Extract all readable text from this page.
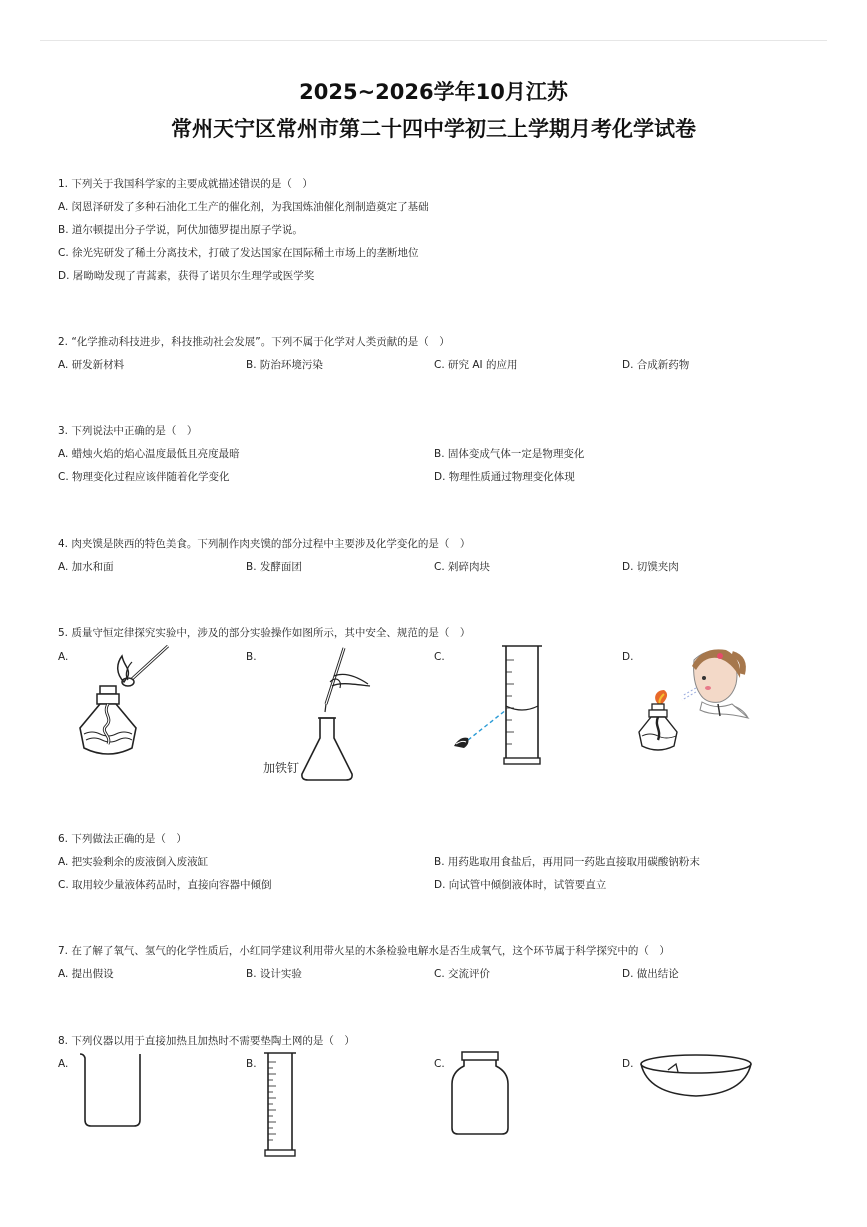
2025~2026学年10月江苏
常州天宁区常州市第二十四中学初三上学期月考化学试卷
1. 下列关于我国科学家的主要成就描述错误的是（　）
A. 闵恩泽研发了多种石油化工生产的催化剂，为我国炼油催化剂制造奠定了基础
B. 道尔顿提出分子学说，阿伏加德罗提出原子学说。
C. 徐光宪研发了稀土分离技术，打破了发达国家在国际稀土市场上的垄断地位
D. 屠呦呦发现了青蒿素，获得了诺贝尔生理学或医学奖
2. “化学推动科技进步，科技推动社会发展”。下列不属于化学对人类贡献的是（　）
A. 研发新材料	B. 防治环境污染	C. 研究 AI 的应用	D. 合成新药物
3. 下列说法中正确的是（　）
A. 蜡烛火焰的焰心温度最低且亮度最暗	B. 固体变成气体一定是物理变化
C. 物理变化过程应该伴随着化学变化	D. 物理性质通过物理变化体现
4. 肉夹馍是陕西的特色美食。下列制作肉夹馍的部分过程中主要涉及化学变化的是（　）
A. 加水和面	B. 发酵面团	C. 剁碎肉块	D. 切馍夹肉
5. 质量守恒定律探究实验中，涉及的部分实验操作如图所示，其中安全、规范的是（　）
A.	B.	C.	D.
加铁钉
6. 下列做法正确的是（　）
A. 把实验剩余的废液倒入废液缸	B. 用药匙取用食盐后，再用同一药匙直接取用碳酸钠粉末
C. 取用较少量液体药品时，直接向容器中倾倒	D. 向试管中倾倒液体时，试管要直立
7. 在了解了氧气、氢气的化学性质后，小红同学建议利用带火星的木条检验电解水是否生成氧气，这个环节属于科学探究中的（　）
A. 提出假设	B. 设计实验	C. 交流评价	D. 做出结论
8. 下列仪器以用于直接加热且加热时不需要垫陶土网的是（　）
A.	B.	C.	D.
